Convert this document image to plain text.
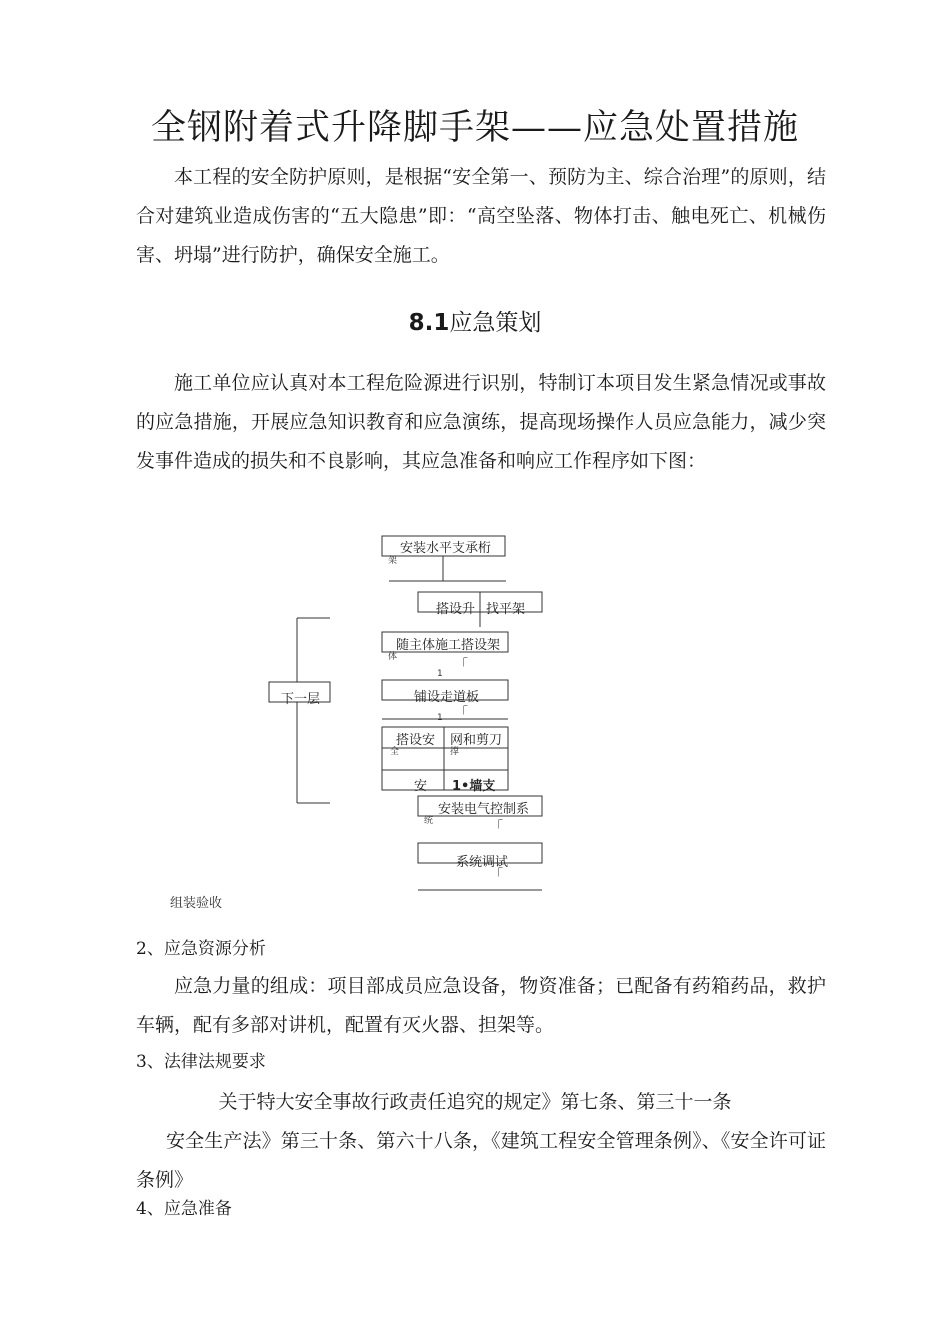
全钢附着式升降脚手架——应急处置措施
本工程的安全防护原则，是根据“安全第一、预防为主、综合治理”的原则，结合对建筑业造成伤害的“五大隐患”即：“高空坠落、物体打击、触电死亡、机械伤害、坍塌”进行防护，确保安全施工。
8.1应急策划
施工单位应认真对本工程危险源进行识别，特制订本项目发生紧急情况或事故的应急措施，开展应急知识教育和应急演练，提高现场操作人员应急能力，减少突发事件造成的损失和不良影响，其应急准备和响应工作程序如下图：
安装水平支承桁
架
搭设升 找平架
随主体施工搭设架
体
「
1
铺设走道板
「
1
搭设安
全
网和剪刀
撑
安 1•墙支
安装电气控制系
统	「
系统调试
「
下一层
组装验收
2、应急资源分析
应急力量的组成：项目部成员应急设备，物资准备；已配备有药箱药品，救护车辆，配有多部对讲机，配置有灭火器、担架等。
3、法律法规要求
关于特大安全事故行政责任追究的规定》第七条、第三十一条
安全生产法》第三十条、第六十八条，《建筑工程安全管理条例》、《安全许可证条例》
4、应急准备
